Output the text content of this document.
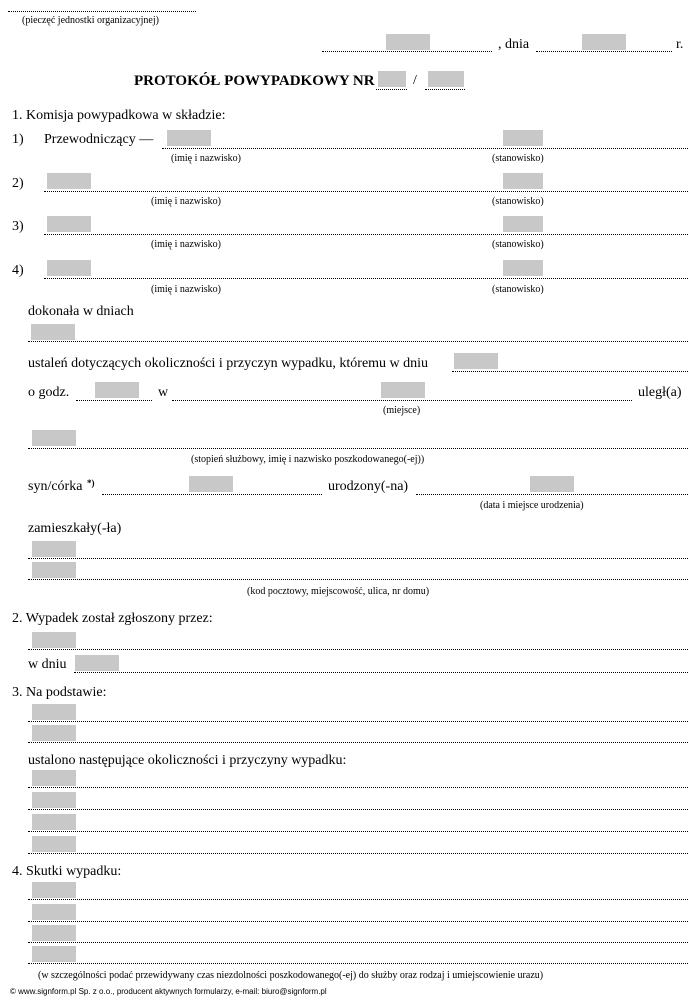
(pieczęć jednostki organizacyjnej)
, dnia	r.
PROTOKÓŁ POWYPADKOWY NR	/
1. Komisja powypadkowa w składzie:
1) Przewodniczący —
(imię i nazwisko)	(stanowisko)
2)
(imię i nazwisko)	(stanowisko)
3)
(imię i nazwisko)	(stanowisko)
4)
(imię i nazwisko)	(stanowisko)
dokonała w dniach
ustaleń dotyczących okoliczności i przyczyn wypadku, któremu w dniu
o godz.	w
(miejsce)
uległ(a)
(stopień służbowy, imię i nazwisko poszkodowanego(-ej))
syn/córka *)	urodzony(-na)
(data i miejsce urodzenia)
zamieszkały(-ła)
(kod pocztowy, miejscowość, ulica, nr domu)
2. Wypadek został zgłoszony przez:
w dniu
3. Na podstawie:
ustalono następujące okoliczności i przyczyny wypadku:
4. Skutki wypadku:
(w szczególności podać przewidywany czas niezdolności poszkodowanego(-ej) do służby oraz rodzaj i umiejscowienie urazu)
© www.signform.pl Sp. z o.o., producent aktywnych formularzy, e-mail: biuro@signform.pl
